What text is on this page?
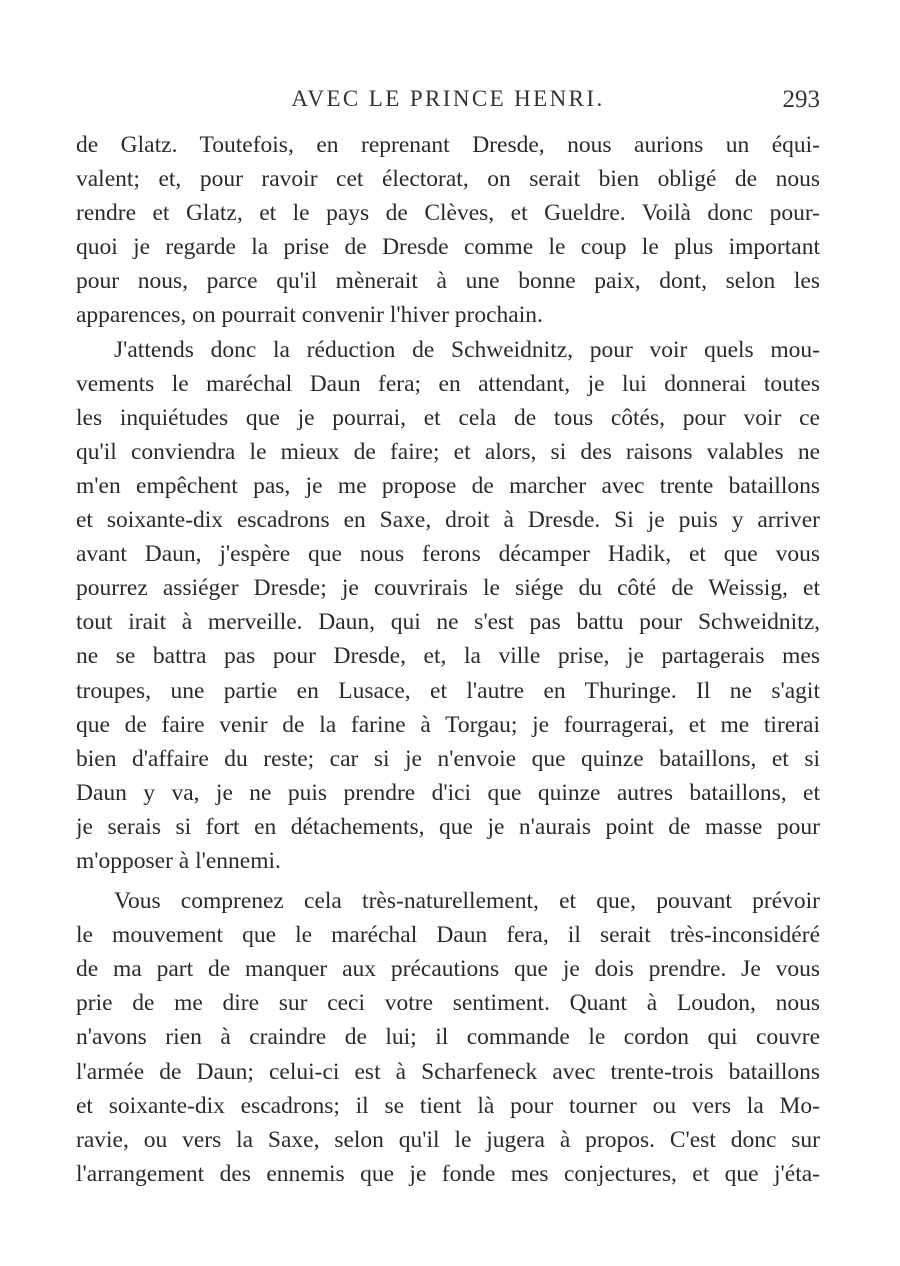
AVEC LE PRINCE HENRI.	293
de Glatz. Toutefois, en reprenant Dresde, nous aurions un équi-
valent; et, pour ravoir cet électorat, on serait bien obligé de nous
rendre et Glatz, et le pays de Clèves, et Gueldre. Voilà donc pour-
quoi je regarde la prise de Dresde comme le coup le plus important
pour nous, parce qu'il mènerait à une bonne paix, dont, selon les
apparences, on pourrait convenir l'hiver prochain.
J'attends donc la réduction de Schweidnitz, pour voir quels mou-
vements le maréchal Daun fera; en attendant, je lui donnerai toutes
les inquiétudes que je pourrai, et cela de tous côtés, pour voir ce
qu'il conviendra le mieux de faire; et alors, si des raisons valables ne
m'en empêchent pas, je me propose de marcher avec trente bataillons
et soixante-dix escadrons en Saxe, droit à Dresde. Si je puis y arriver
avant Daun, j'espère que nous ferons décamper Hadik, et que vous
pourrez assiéger Dresde; je couvrirais le siége du côté de Weissig, et
tout irait à merveille. Daun, qui ne s'est pas battu pour Schweidnitz,
ne se battra pas pour Dresde, et, la ville prise, je partagerais mes
troupes, une partie en Lusace, et l'autre en Thuringe. Il ne s'agit
que de faire venir de la farine à Torgau; je fourragerai, et me tirerai
bien d'affaire du reste; car si je n'envoie que quinze bataillons, et si
Daun y va, je ne puis prendre d'ici que quinze autres bataillons, et
je serais si fort en détachements, que je n'aurais point de masse pour
m'opposer à l'ennemi.
Vous comprenez cela très-naturellement, et que, pouvant prévoir
le mouvement que le maréchal Daun fera, il serait très-inconsidéré
de ma part de manquer aux précautions que je dois prendre. Je vous
prie de me dire sur ceci votre sentiment. Quant à Loudon, nous
n'avons rien à craindre de lui; il commande le cordon qui couvre
l'armée de Daun; celui-ci est à Scharfeneck avec trente-trois bataillons
et soixante-dix escadrons; il se tient là pour tourner ou vers la Mo-
ravie, ou vers la Saxe, selon qu'il le jugera à propos. C'est donc sur
l'arrangement des ennemis que je fonde mes conjectures, et que j'éta-
